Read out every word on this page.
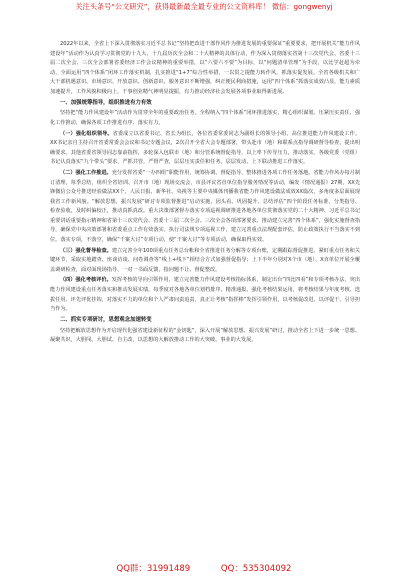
关注头条号“公文研究”，获得最新最全最专业的公文资料库！ 微信：gongwenyj

2022年以来，全省上下深入贯彻落实习近平总书记“坚持把改进干部作风作为推进发展的重要保证”重要要求，把开展机关“能力作风建设年”活动作为认真学习贯彻党的十九大、十九届历次全会和二十大精神的具体行动，作为深入贯彻落实省第十三次党代会、省委十三届二次全会、三次全会部署省委经济工作会议精神的重要举措，以“六要六不要”为目标，以“问题清单管理”为手段，以比学赶超为牵动，全面运用“四个体系”闭环工作落实机制，扎实推进“1+7”综合性举措，一以贯之提能力转作风，抓落实促发展。全省各级机关和广大干部机遇意识、市场意识、开放意识、创新意识、服务意识不断增强，纠正便民利商措施，运用“四个体系”抓落实成效凸显，能力素质加速提升，工作风貌积极向上，干事创业精气神明显提振，有力推动经济社会发展各项事业取得新进展。

一、加强统筹指导，组织推进有力有效

坚持把“能力作风建设年”活动作为贯穿全年的重要政治任务，全程纳入“四个体系”闭环推进落实，精心组织谋划、压紧压实责任、强化工作推动，确保各项工作推进有序、落实有力。

（一）强化组织领导。省委成立以省委书记、省长为组长，各位省委常委同志为副组长的领导小组，高位推进能力作风建设工作。XX书记亲自主持召开省委常委会会议和书记专题会议，2次召开全省大会专题部署，带头赴市（地）和联系点指导调研督导检查，提出明确要求。其他省委省领导同志靠前指挥，多轮深入包联市（地）和分管系统督促指导，以上率下传导压力，推动落实。各级党委（党组）书记认真落实“九个带头”要求，严抓共管，严督严查，层层压实责任和任务，层层发动、上下联动推进工作落实。

（二）强化工作推进。充分发挥省委“一办四组”职能作用，统筹协调、督促指导、整体推进各项工作任务落地。省能力作风办每月制订清理，每季总结，组织全省培训、召开市（地）现场交流会，市县评议省直单位指导服务情况等活动，编发《情况通报》27期，XX先锋微信公众号推送经验做法XX个，人民日报、新华社、央视等主要中央媒体刊播我省能力作风建设做法成效XX篇次，多角度多层面展现我省工作新风貌。“解放思想，振兴发展”研讨专项监督推进“启动实施、因头看、巩固提升、总结评估”四个阶段任务标准，分类指导、检查验收，及时纠偏校正，推动真抓真改。重大决策部署督办落实专项巡视调研推进各地各单位贯彻落实党的二十大精神、习近平总书记重要讲话重要指示精神和省第十三次党代会、省委十三届二次全会、三次全会各项部署要求。推动建立完善“四个体系”，强化实施督查指导，确保党中央决策部署和省委重点工作有效落实。执行司法规专项巡视工作，建立完善重点法规配套评估，防止政策执行不当落实不到位。落实专项，不落空，确保“千案大讨”专项行动，使“干案大讨”等专项活动，确保取得实效。

（三）强化督导检查。建立完善全年100项重点任务总台帐和全省推进任务分解等专项台账，定期跟踪督促推进。紧盯重点任务和关键环节，采取实地踏查、座谈访谈、问卷调查等“线上+线下”相结合方式加强督促指导；上下半年分别对X个市（地）、X直单位开展全覆盖调研检查，面对面现场指导、一对一书面反馈，指问题不让、督促整改。

（四）强化考核评价。发挥考核的导向引领作用，建立完善能力作风建设考核指标体系，制定出台“四比四看”和专项考核办法，突出能力作风建设重点任务落实和推动发展实绩，每季度对各地各单位划档排序、精准通报。强化考核结果运用，将考核结果与年度考核、选拔任用、评先评优挂钩，对落实不力的单位和个人严肃问责追责，真正让考核“指挥棒”发挥引领作用，以考核促改进、以评促干、引导担当作为。

二、抓实专项研讨，思想观念加速转变

坚持把解放思想作为开启现代化强省建设新征程的“金钥匙”，深入开展“解放思想、振兴发展”研讨，推动全省上下进一步统一思想、凝聚共识，大胆闯、大胆试、自主改，以思想的大解放推动工作的大突破、事业的大发展。

QQ群：31991489	QQ：535304092
